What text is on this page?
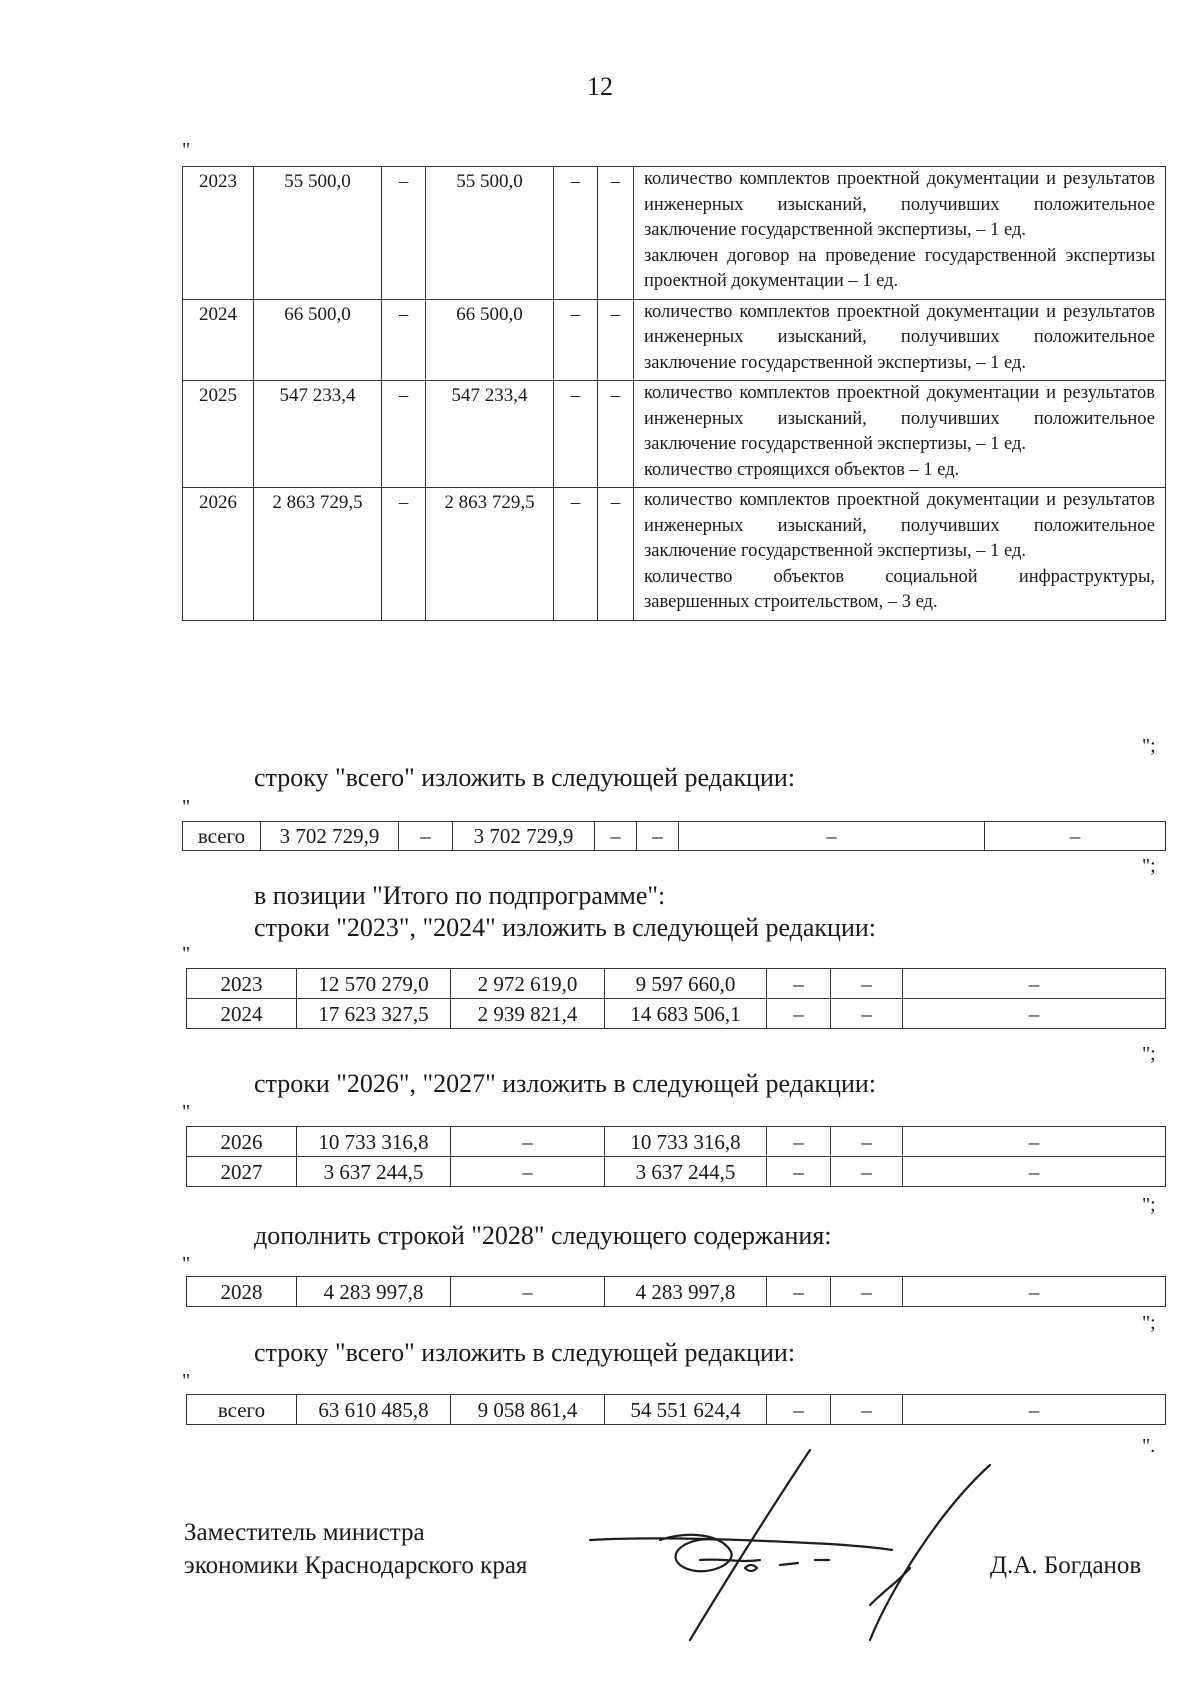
12
"
2023	55 500,0	–	55 500,0	–	–	количество комплектов проектной документации и результатов инженерных изысканий, получивших положительное заключение государственной экспертизы, – 1 ед.

заключен договор на проведение государственной экспертизы проектной документации – 1 ед.

2024	66 500,0	–	66 500,0	–	–	количество комплектов проектной документации и результатов инженерных изысканий, получивших положительное заключение государственной экспертизы, – 1 ед.

2025	547 233,4	–	547 233,4	–	–	количество комплектов проектной документации и результатов инженерных изысканий, получивших положительное заключение государственной экспертизы, – 1 ед.

количество строящихся объектов – 1 ед.

2026	2 863 729,5	–	2 863 729,5	–	–	количество комплектов проектной документации и результатов инженерных изысканий, получивших положительное заключение государственной экспертизы, – 1 ед.

количество объектов социальной инфраструктуры, завершенных строительством, – 3 ед.

";
строку "всего" изложить в следующей редакции:
"
всего	3 702 729,9	–	3 702 729,9	–	–	–	–
";
в позиции "Итого по подпрограмме":
строки "2023", "2024" изложить в следующей редакции:
"
2023	12 570 279,0	2 972 619,0	9 597 660,0	–	–	–
2024	17 623 327,5	2 939 821,4	14 683 506,1	–	–	–
";
строки "2026", "2027" изложить в следующей редакции:
"
2026	10 733 316,8	–	10 733 316,8	–	–	–
2027	3 637 244,5	–	3 637 244,5	–	–	–
";
дополнить строкой "2028" следующего содержания:
"
2028	4 283 997,8	–	4 283 997,8	–	–	–
";
строку "всего" изложить в следующей редакции:
"
всего	63 610 485,8	9 058 861,4	54 551 624,4	–	–	–
".
Заместитель министра
экономики Краснодарского края	Д.А. Богданов
